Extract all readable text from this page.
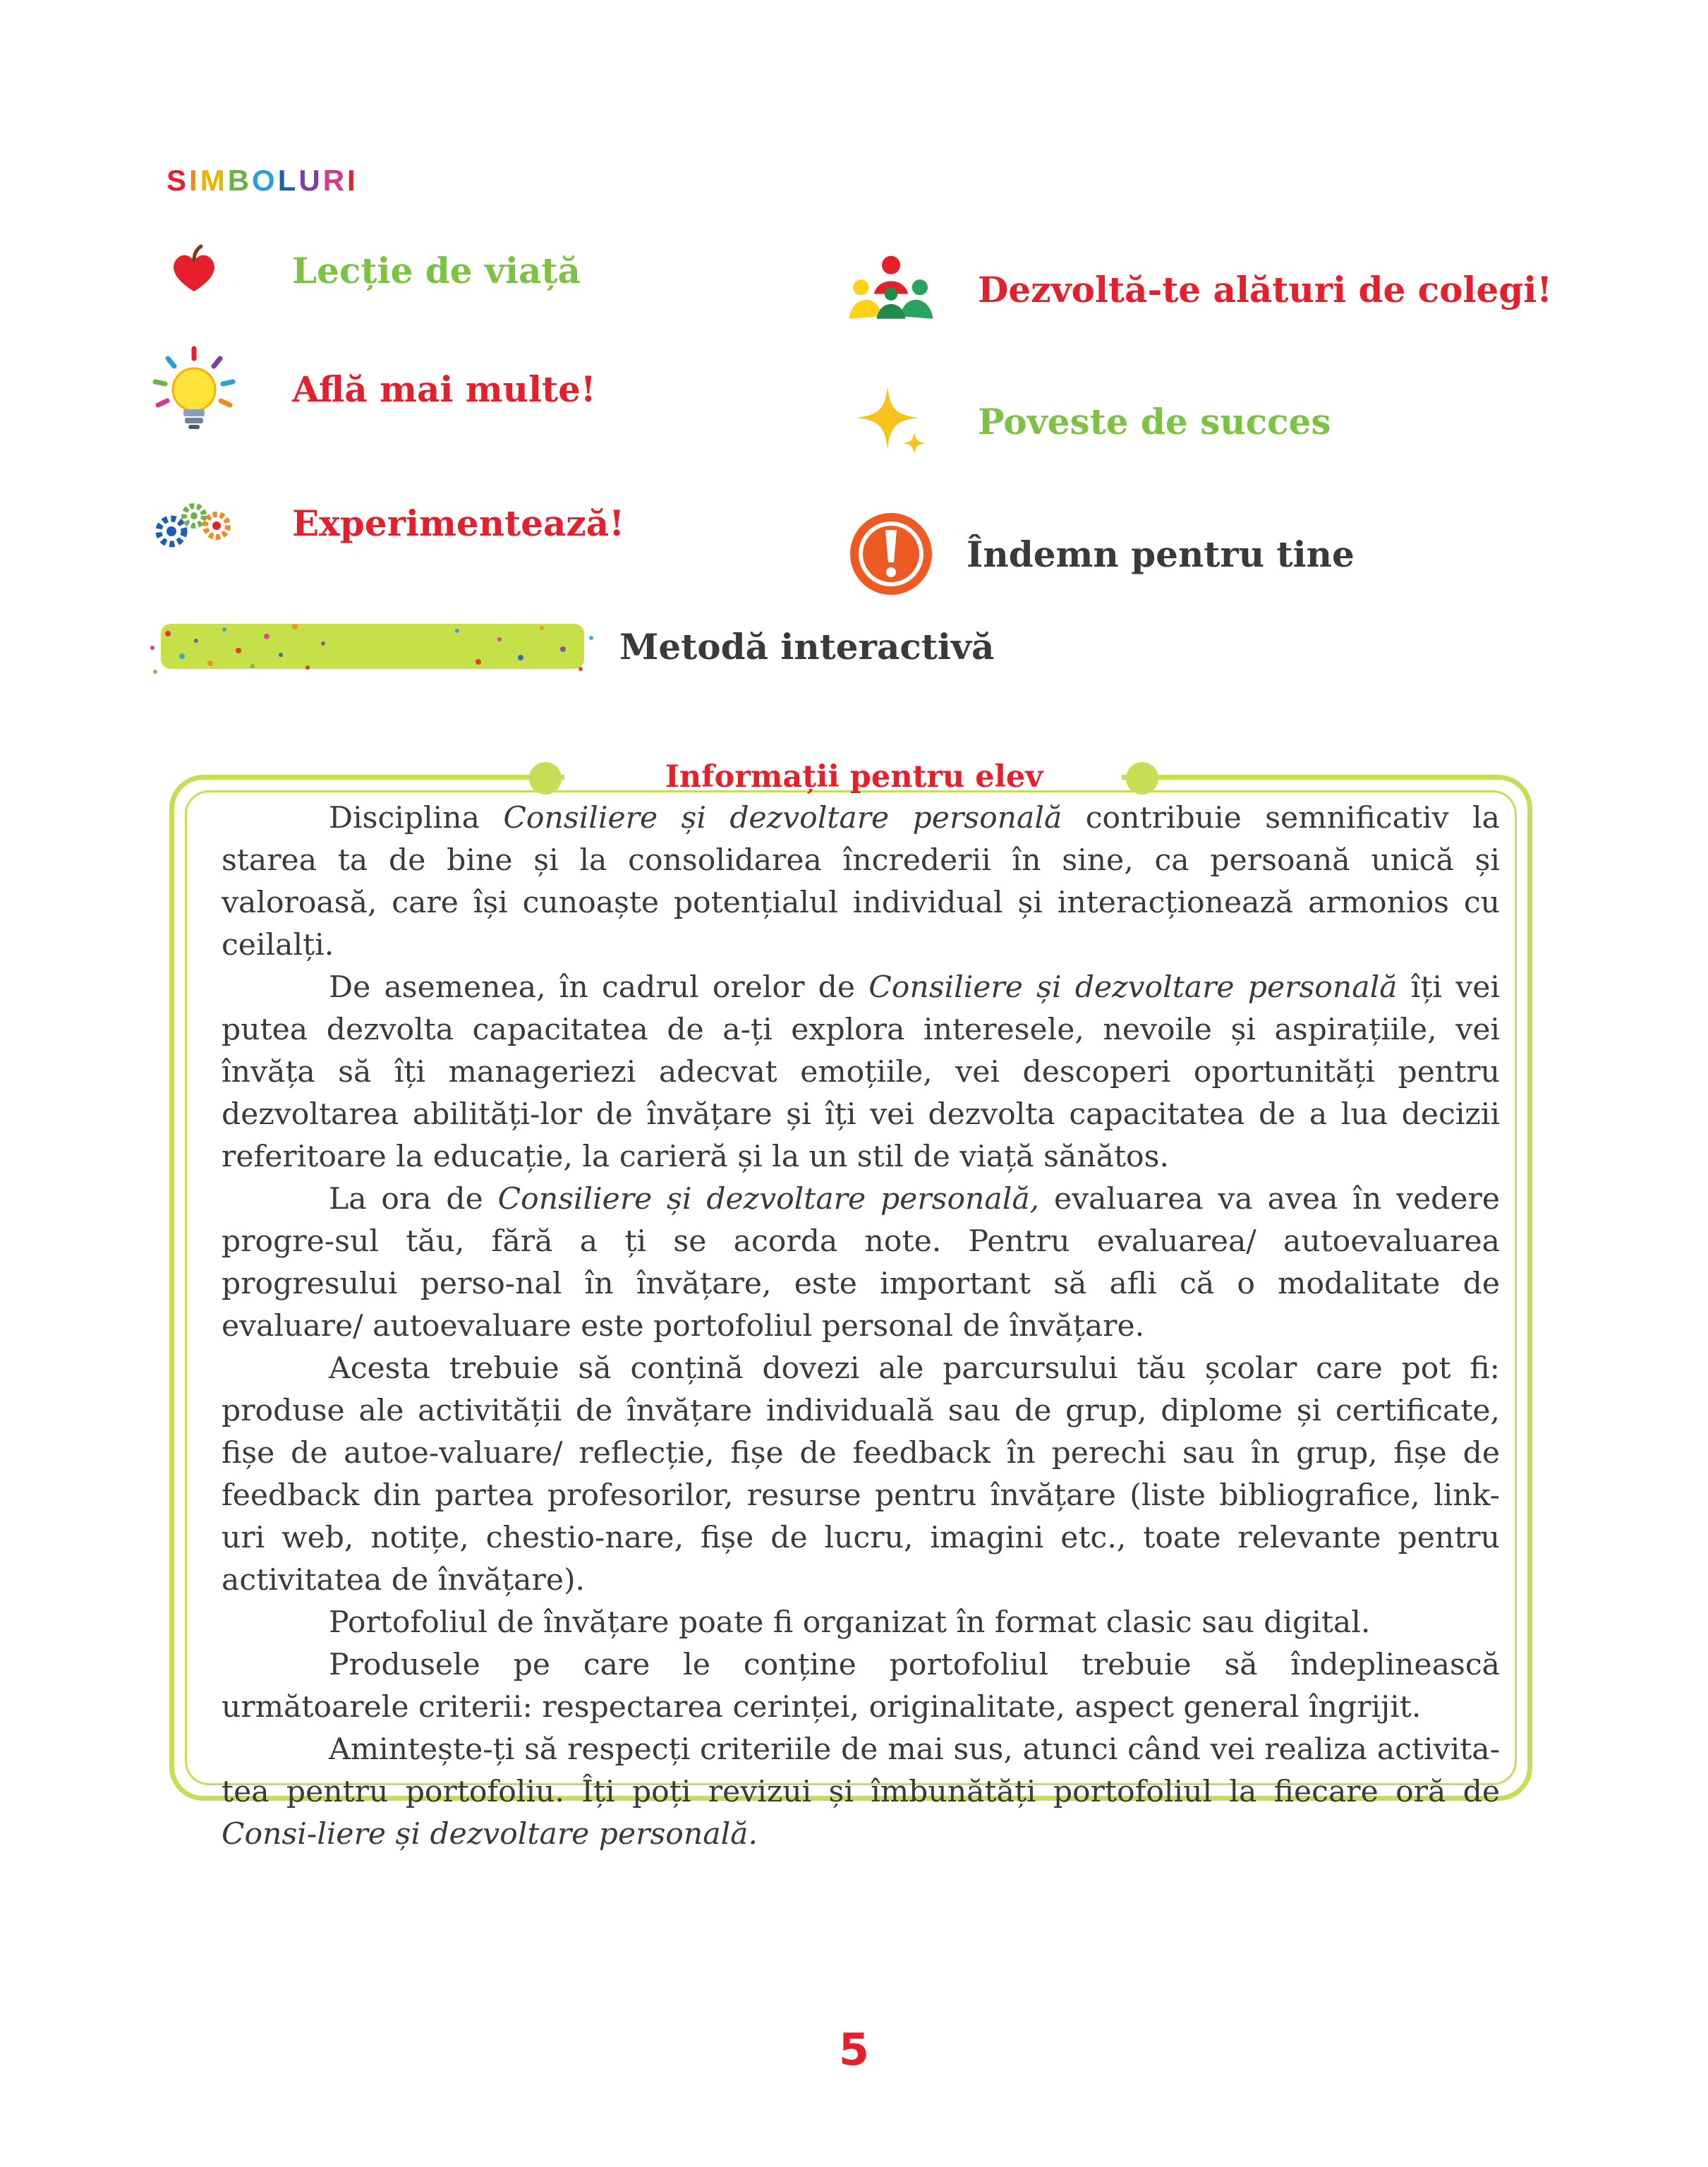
SIMBOLURI
Lecție de viață
Află mai multe!
Experimentează!
Metodă interactivă
Dezvoltă-te alături de colegi!
Poveste de succes
Îndemn pentru tine
Informații pentru elev

Disciplina Consiliere și dezvoltare personală contribuie semnificativ la starea ta de bine și la consolidarea încrederii în sine, ca persoană unică și valoroasă, care își cunoaște potențialul individual și interacționează armonios cu ceilalți.

De asemenea, în cadrul orelor de Consiliere și dezvoltare personală îți vei putea dezvolta capacitatea de a-ți explora interesele, nevoile și aspirațiile, vei învăța să îți manageriezi adecvat emoțiile, vei descoperi oportunități pentru dezvoltarea abilități-lor de învățare și îți vei dezvolta capacitatea de a lua decizii referitoare la educație, la carieră și la un stil de viață sănătos.

La ora de Consiliere și dezvoltare personală, evaluarea va avea în vedere progre-sul tău, fără a ți se acorda note. Pentru evaluarea/ autoevaluarea progresului perso-nal în învățare, este important să afli că o modalitate de evaluare/ autoevaluare este portofoliul personal de învățare.

Acesta trebuie să conțină dovezi ale parcursului tău școlar care pot fi: produse ale activității de învățare individuală sau de grup, diplome și certificate, fișe de autoe-valuare/ reflecție, fișe de feedback în perechi sau în grup, fișe de feedback din partea profesorilor, resurse pentru învățare (liste bibliografice, link-uri web, notițe, chestio-nare, fișe de lucru, imagini etc., toate relevante pentru activitatea de învățare).

Portofoliul de învățare poate fi organizat în format clasic sau digital.

Produsele pe care le conține portofoliul trebuie să îndeplinească următoarele criterii: respectarea cerinței, originalitate, aspect general îngrijit.

Amintește-ți să respecți criteriile de mai sus, atunci când vei realiza activita-tea pentru portofoliu. Îți poți revizui și îmbunătăți portofoliul la fiecare oră de Consi-liere și dezvoltare personală.

5
